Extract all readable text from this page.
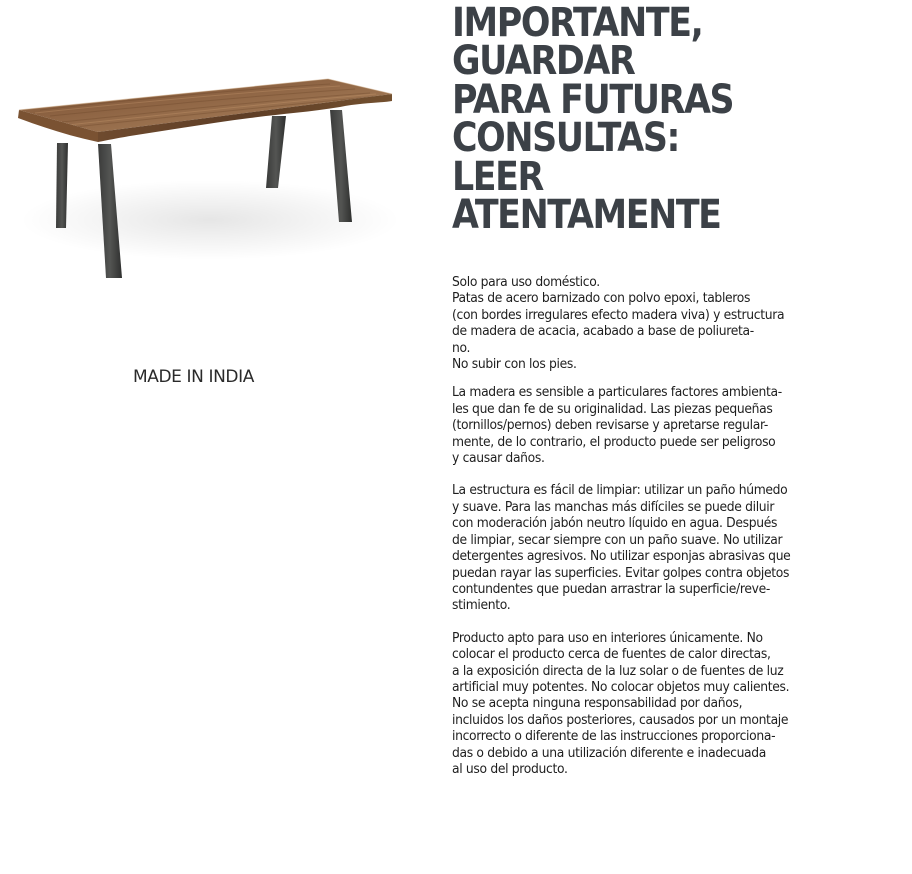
MADE IN INDIA
IMPORTANTE,
GUARDAR
PARA FUTURAS
CONSULTAS:
LEER
ATENTAMENTE

Solo para uso doméstico.
Patas de acero barnizado con polvo epoxi, tableros
(con bordes irregulares efecto madera viva) y estructura
de madera de acacia, acabado a base de poliureta-
no.
No subir con los pies.

La madera es sensible a particulares factores ambienta-
les que dan fe de su originalidad. Las piezas pequeñas
(tornillos/pernos) deben revisarse y apretarse regular-
mente, de lo contrario, el producto puede ser peligroso
y causar daños.

La estructura es fácil de limpiar: utilizar un paño húmedo
y suave. Para las manchas más difíciles se puede diluir
con moderación jabón neutro líquido en agua. Después
de limpiar, secar siempre con un paño suave. No utilizar
detergentes agresivos. No utilizar esponjas abrasivas que
puedan rayar las superficies. Evitar golpes contra objetos
contundentes que puedan arrastrar la superficie/reve-
stimiento.

Producto apto para uso en interiores únicamente. No
colocar el producto cerca de fuentes de calor directas,
a la exposición directa de la luz solar o de fuentes de luz
artificial muy potentes. No colocar objetos muy calientes.
No se acepta ninguna responsabilidad por daños,
incluidos los daños posteriores, causados por un montaje
incorrecto o diferente de las instrucciones proporciona-
das o debido a una utilización diferente e inadecuada
al uso del producto.
